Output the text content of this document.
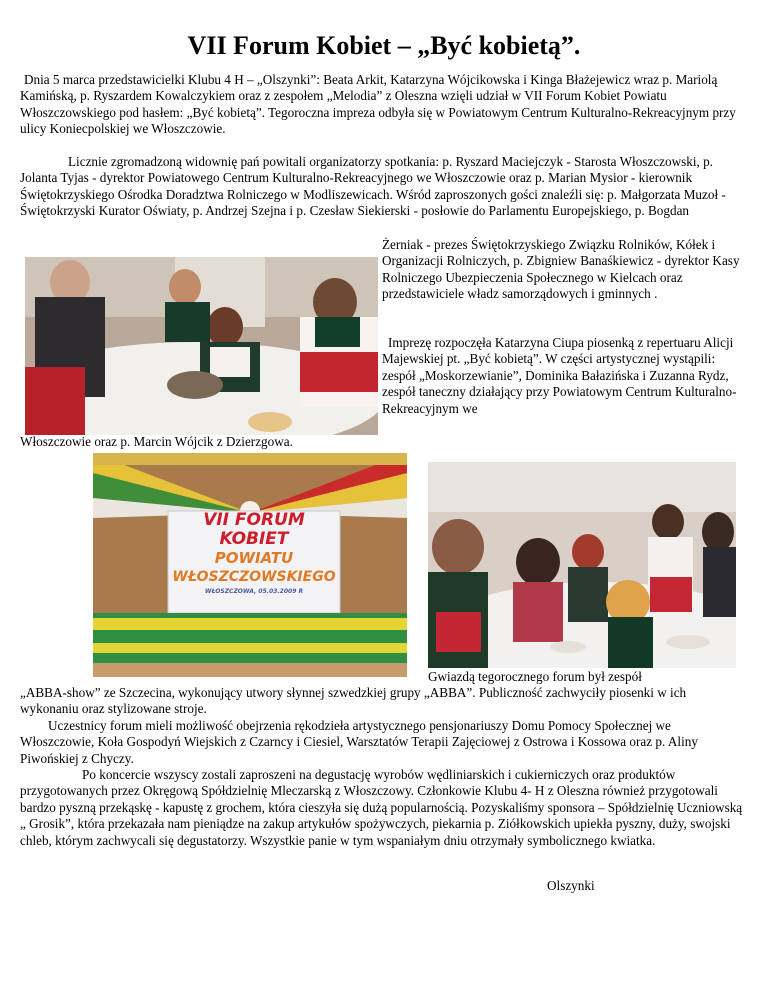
VII Forum Kobiet – „Być kobietą”.

Dnia 5 marca przedstawicielki Klubu 4 H – „Olszynki”: Beata Arkit, Katarzyna Wójcikowska i Kinga Błażejewicz wraz p. Mariolą Kamińską, p. Ryszardem Kowalczykiem oraz z zespołem „Melodia” z Oleszna wzięli udział w VII Forum Kobiet Powiatu Włoszczowskiego pod hasłem: „Być kobietą”. Tegoroczna impreza odbyła się w Powiatowym Centrum Kulturalno-Rekreacyjnym przy ulicy Koniecpolskiej we Włoszczowie.

Licznie zgromadzoną widownię pań powitali organizatorzy spotkania: p. Ryszard Maciejczyk - Starosta Włoszczowski, p. Jolanta Tyjas - dyrektor Powiatowego Centrum Kulturalno-Rekreacyjnego we Włoszczowie oraz p. Marian Mysior - kierownik Świętokrzyskiego Ośrodka Doradztwa Rolniczego w Modliszewicach. Wśród zaproszonych gości znaleźli się: p. Małgorzata Muzoł - Świętokrzyski Kurator Oświaty, p. Andrzej Szejna i p. Czesław Siekierski - posłowie do Parlamentu Europejskiego, p. Bogdan

Żerniak - prezes Świętokrzyskiego Związku Rolników, Kółek i Organizacji Rolniczych, p. Zbigniew Banaśkiewicz - dyrektor Kasy Rolniczego Ubezpieczenia Społecznego w Kielcach oraz przedstawiciele władz samorządowych i gminnych .

Imprezę rozpoczęła Katarzyna Ciupa piosenką z repertuaru Alicji Majewskiej pt. „Być kobietą”. W części artystycznej wystąpili: zespół „Moskorzewianie”, Dominika Bałazińska i Zuzanna Rydz, zespół taneczny działający przy Powiatowym Centrum Kulturalno-Rekreacyjnym we

Włoszczowie oraz p. Marcin Wójcik z Dzierzgowa.

VII FORUM
KOBIET
POWIATU
WŁOSZCZOWSKIEGO
WŁOSZCZOWA, 05.03.2009 R

Gwiazdą tegorocznego forum był zespół

„ABBA-show” ze Szczecina, wykonujący utwory słynnej szwedzkiej grupy „ABBA”. Publiczność zachwyciły piosenki w ich wykonaniu oraz stylizowane stroje.

Uczestnicy forum mieli możliwość obejrzenia rękodzieła artystycznego pensjonariuszy Domu Pomocy Społecznej we Włoszczowie, Koła Gospodyń Wiejskich z Czarncy i Ciesiel, Warsztatów Terapii Zajęciowej z Ostrowa i Kossowa oraz p. Aliny Piwońskiej z Chyczy.

Po koncercie wszyscy zostali zaproszeni na degustację wyrobów wędliniarskich i cukierniczych oraz produktów przygotowanych przez Okręgową Spółdzielnię Mleczarską z Włoszczowy. Członkowie Klubu 4- H z Oleszna również przygotowali bardzo pyszną przekąskę - kapustę z grochem, która cieszyła się dużą popularnością. Pozyskaliśmy sponsora – Spółdzielnię Uczniowską „ Grosik”, która przekazała nam pieniądze na zakup artykułów spożywczych, piekarnia p. Ziółkowskich upiekła pyszny, duży, swojski chleb, którym zachwycali się degustatorzy. Wszystkie panie w tym wspaniałym dniu otrzymały symbolicznego kwiatka.

Olszynki
